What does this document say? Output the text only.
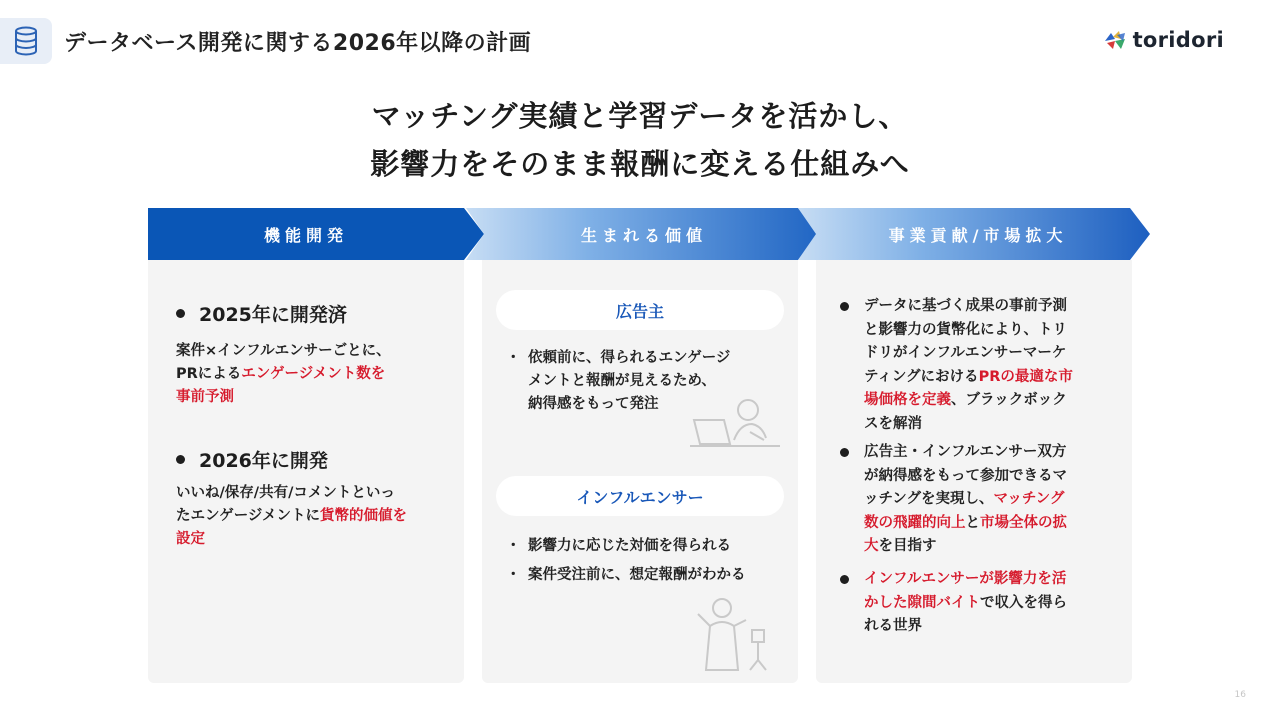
データベース開発に関する2026年以降の計画	toridori
マッチング実績と学習データを活かし、
影響力をそのまま報酬に変える仕組みへ
機能開発	生まれる価値	事業貢献/市場拡大
2025年に開発済
案件×インフルエンサーごとに、
PRによるエンゲージメント数を
事前予測
2026年に開発
いいね/保存/共有/コメントといっ
たエンゲージメントに貨幣的価値を
設定
広告主
・ 依頼前に、得られるエンゲージ
メントと報酬が見えるため、
納得感をもって発注
インフルエンサー
・ 影響力に応じた対価を得られる
・ 案件受注前に、想定報酬がわかる
データに基づく成果の事前予測
と影響力の貨幣化により、トリ
ドリがインフルエンサーマーケ
ティングにおけるPRの最適な市
場価格を定義、ブラックボック
スを解消
広告主・インフルエンサー双方
が納得感をもって参加できるマ
ッチングを実現し、マッチング
数の飛躍的向上と市場全体の拡
大を目指す
インフルエンサーが影響力を活
かした隙間バイトで収入を得ら
れる世界
16
